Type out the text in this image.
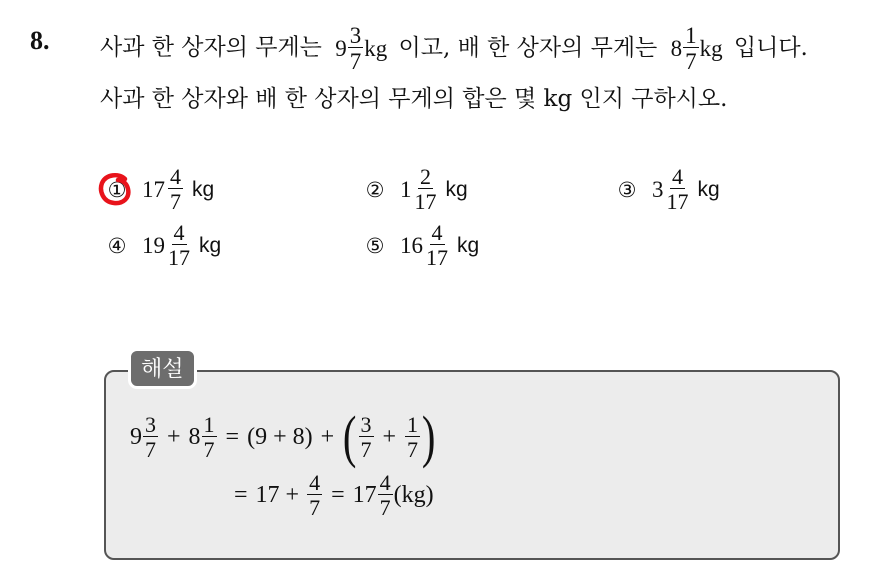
8. 사과 한 상자의 무게는 $9 \frac{3}{7}$ kg 이고, 배 한 상자의 무게는 $8 \frac{1}{7}$ kg 입니다.
사과 한 상자와 배 한 상자의 무게의 합은 몇 kg 인지 구하시오.
① $17 \frac{4}{7}$ kg	② $1 \frac{2}{17}$ kg	③ $3 \frac{4}{17}$ kg
④ $19 \frac{4}{17}$ kg	⑤ $16 \frac{4}{17}$ kg
해설
$9 \frac{3}{7} + 8 \frac{1}{7} = (9 + 8)$ + ( $\frac{3}{7} + \frac{1}{7}$ )
= $17 + \frac{4}{7} = 17 \frac{4}{7} (kg)$
